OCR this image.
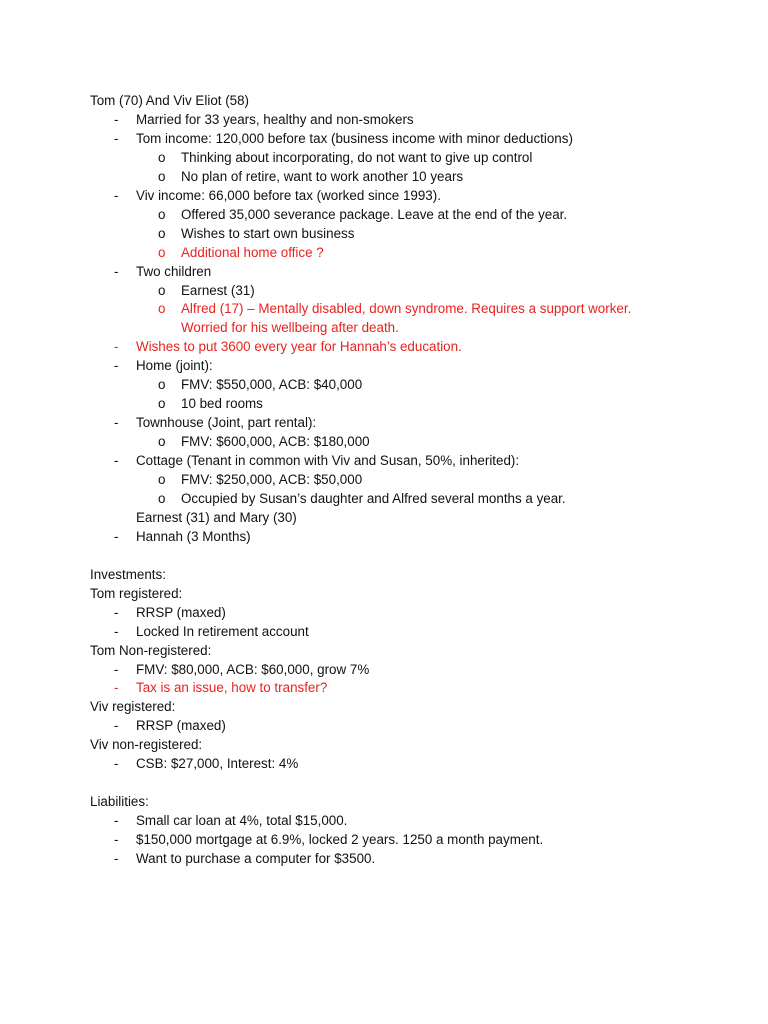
Tom (70) And Viv Eliot (58)
- Married for 33 years, healthy and non-smokers
- Tom income: 120,000 before tax (business income with minor deductions)
o Thinking about incorporating, do not want to give up control
o No plan of retire, want to work another 10 years
- Viv income: 66,000 before tax (worked since 1993).
o Offered 35,000 severance package. Leave at the end of the year.
o Wishes to start own business
o Additional home office ?
- Two children
o Earnest (31)
o Alfred (17) – Mentally disabled, down syndrome. Requires a support worker.
Worried for his wellbeing after death.
- Wishes to put 3600 every year for Hannah’s education.
- Home (joint):
o FMV: $550,000, ACB: $40,000
o 10 bed rooms
- Townhouse (Joint, part rental):
o FMV: $600,000, ACB: $180,000
- Cottage (Tenant in common with Viv and Susan, 50%, inherited):
o FMV: $250,000, ACB: $50,000
o Occupied by Susan’s daughter and Alfred several months a year.
Earnest (31) and Mary (30)
- Hannah (3 Months)
Investments:
Tom registered:
- RRSP (maxed)
- Locked In retirement account
Tom Non-registered:
- FMV: $80,000, ACB: $60,000, grow 7%
- Tax is an issue, how to transfer?
Viv registered:
- RRSP (maxed)
Viv non-registered:
- CSB: $27,000, Interest: 4%
Liabilities:
- Small car loan at 4%, total $15,000.
- $150,000 mortgage at 6.9%, locked 2 years. 1250 a month payment.
- Want to purchase a computer for $3500.
